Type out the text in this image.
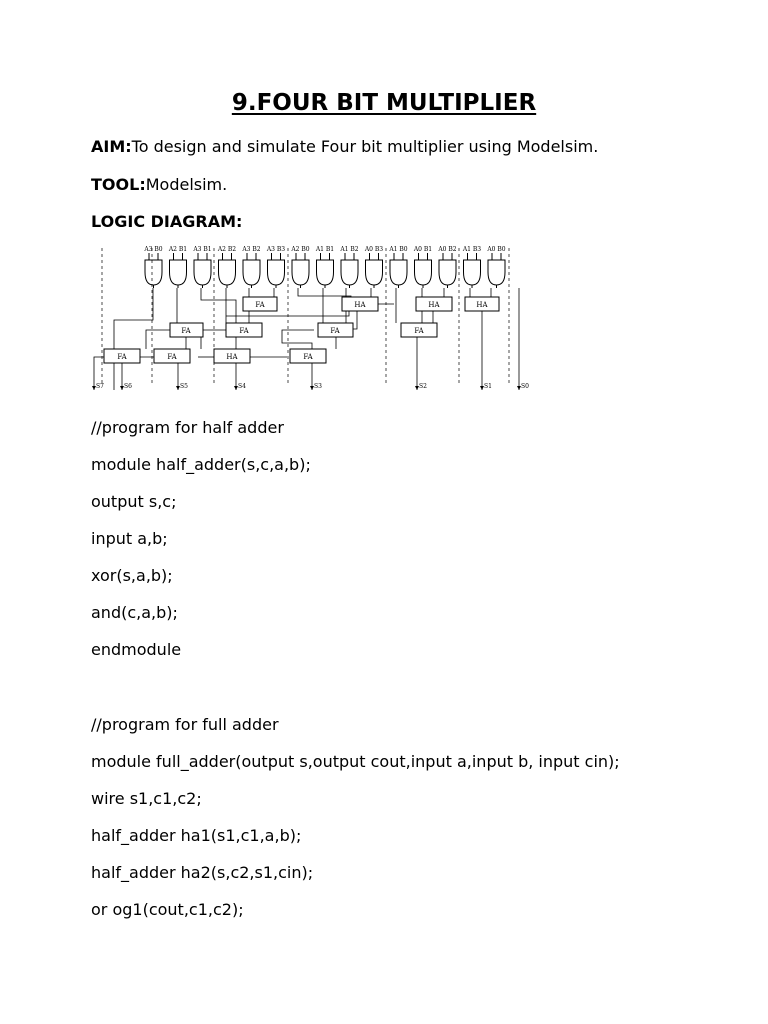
9.FOUR BIT MULTIPLIER
AIM:To design and simulate Four bit multiplier using Modelsim.
TOOL:Modelsim.
LOGIC DIAGRAM:
A3 B0 A2 B1 A3 B1 A2 B2 A3 B2 A3 B3 A2 B0 A1 B1 A1 B2 A0 B3 A1 B0 A0 B1 A0 B2 A1 B3 A0 B0
FA	HA	HA	HA
FA	FA	FA	FA
FA	FA	HA	FA
S7	S6	S5	S4	S3	S2	S1	S0
//program for half adder
module half_adder(s,c,a,b);
output s,c;
input a,b;
xor(s,a,b);
and(c,a,b);
endmodule
//program for full adder
module full_adder(output s,output cout,input a,input b, input cin);
wire s1,c1,c2;
half_adder ha1(s1,c1,a,b);
half_adder ha2(s,c2,s1,cin);
or og1(cout,c1,c2);
